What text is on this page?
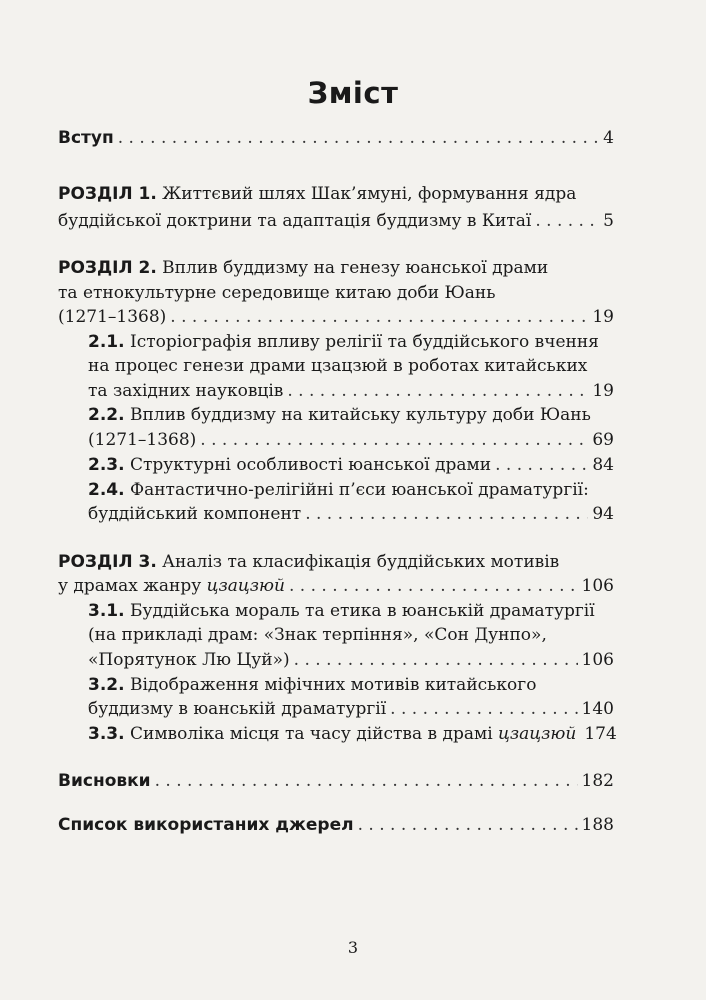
Зміст
Вступ . . .	4
РОЗДІЛ 1. Життєвий шлях Шак’ямуні, формування ядра
буддійської доктрини та адаптація буддизму в Китаї . . .	5
РОЗДІЛ 2. Вплив буддизму на генезу юанської драми
та етнокультурне середовище китаю доби Юань
(1271–1368) . . .	19
2.1. Історіографія впливу релігії та буддійського вчення
на процес генези драми цзацзюй в роботах китайських
та західних науковців . . .	19
2.2. Вплив буддизму на китайську культуру доби Юань
(1271–1368) . . .	69
2.3. Структурні особливості юанської драми . . .	84
2.4. Фантастично-релігійні п’єси юанської драматургії:
буддійський компонент . . .	94
РОЗДІЛ 3. Аналіз та класифікація буддійських мотивів
у драмах жанру цзацзюй . . .	106
3.1. Буддійська мораль та етика в юанській драматургії
(на прикладі драм: «Знак терпіння», «Сон Дунпо»,
«Порятунок Лю Цуй») . . .	106
3.2. Відображення міфічних мотивів китайського
буддизму в юанській драматургії . . .	140
3.3. Символіка місця та часу дійства в драмі цзацзюй 174
Висновки . . .	182
Список використаних джерел . . .	188
3
